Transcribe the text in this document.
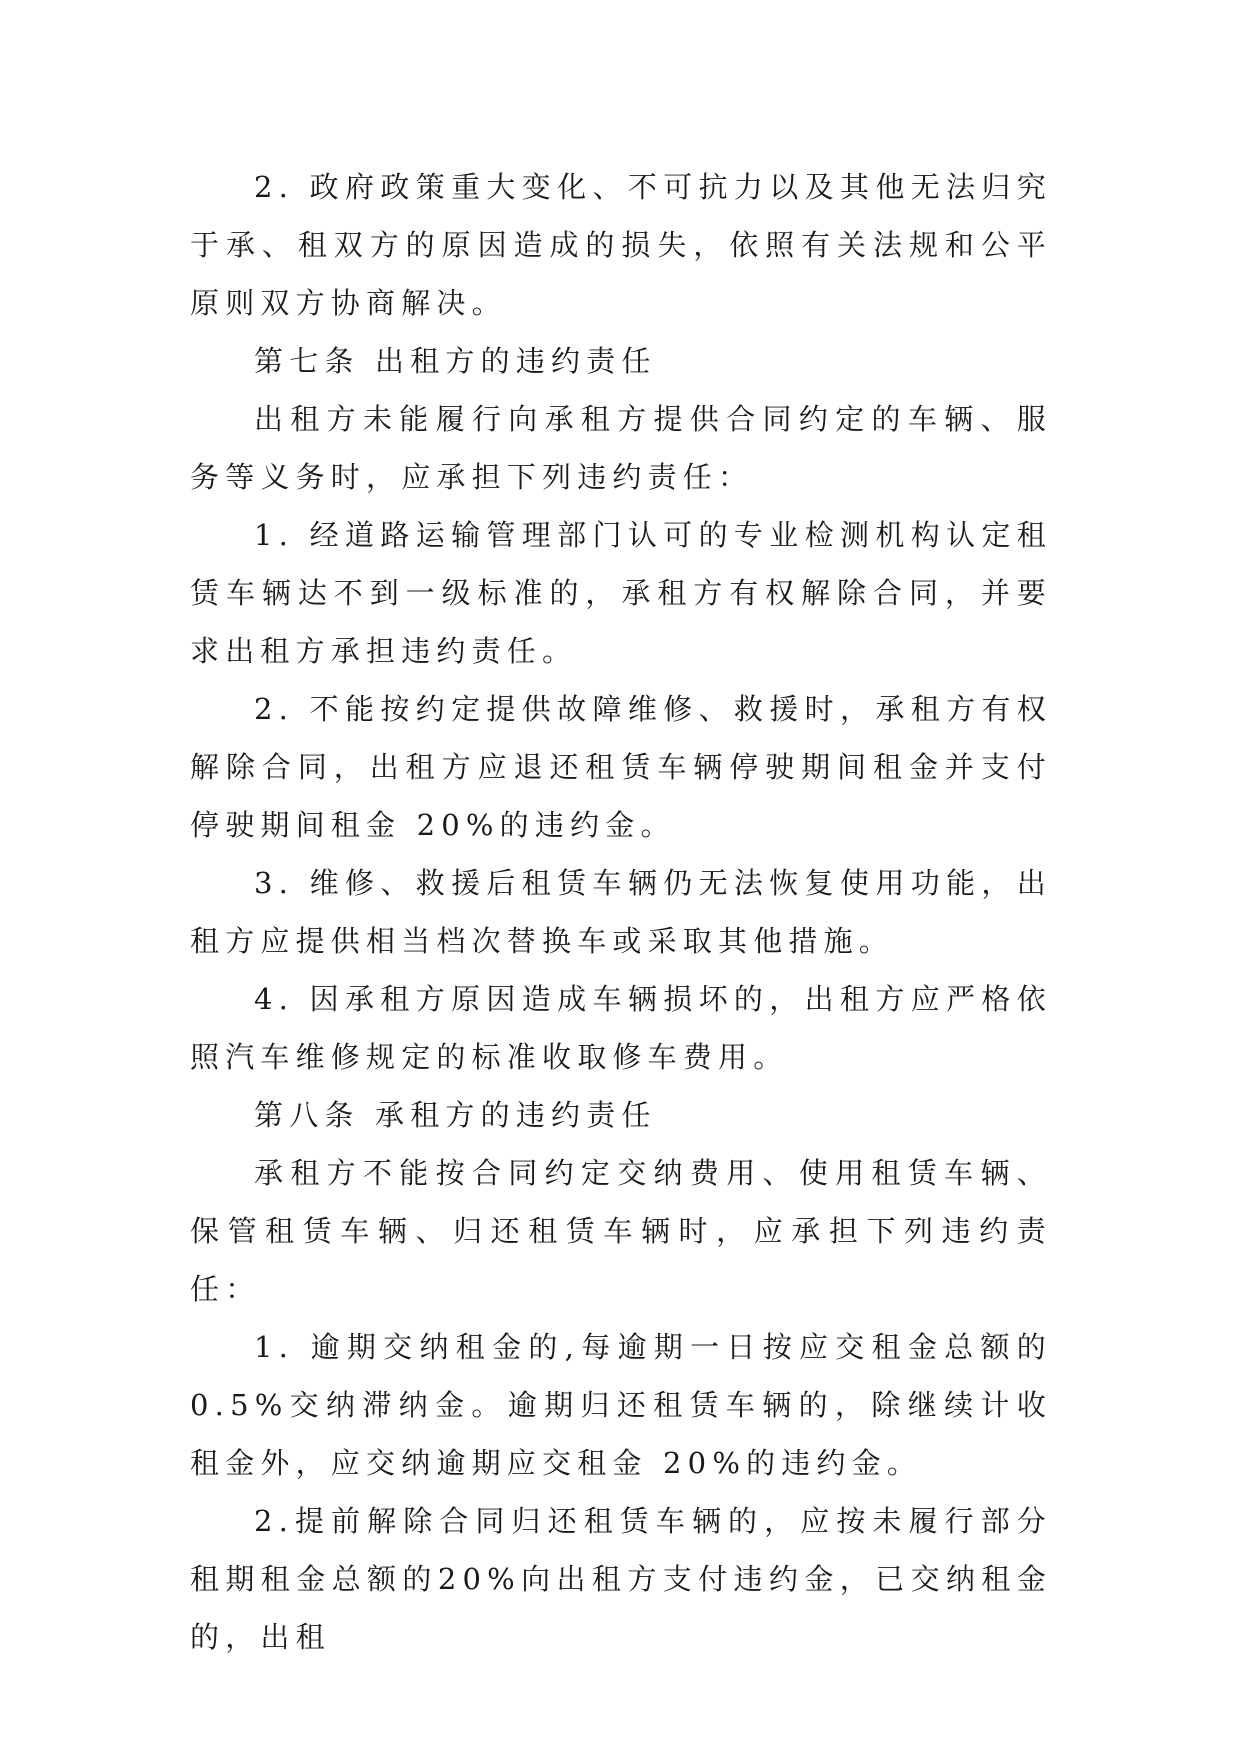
2. 政府政策重大变化、不可抗力以及其他无法归究于承、租双方的原因造成的损失，依照有关法规和公平原则双方协商解决。

第七条 出租方的违约责任

出租方未能履行向承租方提供合同约定的车辆、服务等义务时，应承担下列违约责任：

1. 经道路运输管理部门认可的专业检测机构认定租赁车辆达不到一级标准的，承租方有权解除合同，并要求出租方承担违约责任。

2. 不能按约定提供故障维修、救援时，承租方有权解除合同，出租方应退还租赁车辆停驶期间租金并支付停驶期间租金 20%的违约金。

3. 维修、救援后租赁车辆仍无法恢复使用功能，出租方应提供相当档次替换车或采取其他措施。

4. 因承租方原因造成车辆损坏的，出租方应严格依照汽车维修规定的标准收取修车费用。

第八条 承租方的违约责任

承租方不能按合同约定交纳费用、使用租赁车辆、保管租赁车辆、归还租赁车辆时，应承担下列违约责任：

1. 逾期交纳租金的,每逾期一日按应交租金总额的0.5%交纳滞纳金。逾期归还租赁车辆的，除继续计收租金外，应交纳逾期应交租金 20%的违约金。

2.提前解除合同归还租赁车辆的，应按未履行部分租期租金总额的20%向出租方支付违约金，已交纳租金的，出租
